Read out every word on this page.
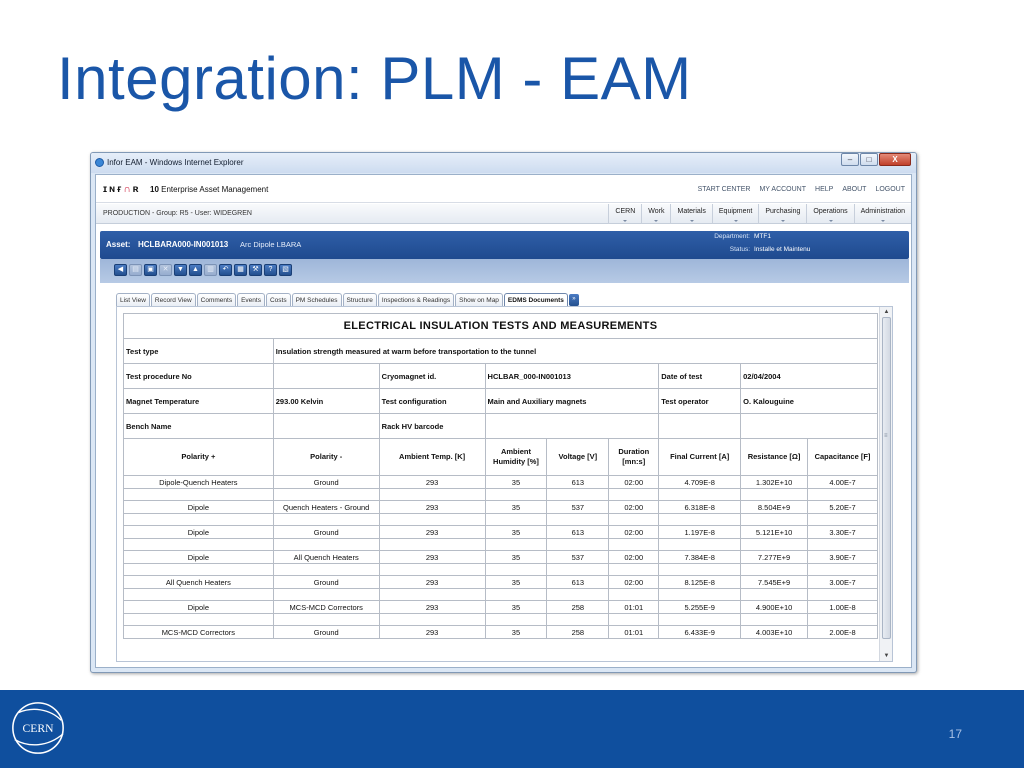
Integration: PLM - EAM
Infor EAM - Windows Internet Explorer	–	□	X
ɪɴғ∩ʀ 10 Enterprise Asset Management	START CENTER MY ACCOUNT HELP ABOUT LOGOUT
PRODUCTION - Group: R5 - User: WIDEGREN	CERN	Work	Materials	Equipment	Purchasing	Operations	Administration
Asset: HCLBARA000-IN001013 Arc Dipole LBARA
Department: MTF1
Status: Installe et Maintenu
◀	▤	▣	✕	▼	▲	▥	↶	▦	⚒	?	▧
List View	Record View	Comments	Events	Costs	PM Schedules	Structure	Inspections & Readings	Show on Map	EDMS Documents	»
ELECTRICAL INSULATION TESTS AND MEASUREMENTS								
Test type	Insulation strength measured at warm before transportation to the tunnel							
Test procedure No		Cryomagnet id.	HCLBAR_000-IN001013			Date of test	02/04/2004	
Magnet Temperature	293.00 Kelvin	Test configuration	Main and Auxiliary magnets			Test operator	O. Kalouguine	
Bench Name		Rack HV barcode						
Polarity +	Polarity -	Ambient Temp. [K]	Ambient Humidity [%]	Voltage [V]	Duration [mn:s]	Final Current [A]	Resistance [Ω]	Capacitance [F]
Dipole-Quench Heaters	Ground	293	35	613	02:00	4.709E-8	1.302E+10	4.00E-7

Dipole	Quench Heaters - Ground	293	35	537	02:00	6.318E-8	8.504E+9	5.20E-7

Dipole	Ground	293	35	613	02:00	1.197E-8	5.121E+10	3.30E-7

Dipole	All Quench Heaters	293	35	537	02:00	7.384E-8	7.277E+9	3.90E-7

All Quench Heaters	Ground	293	35	613	02:00	8.125E-8	7.545E+9	3.00E-7

Dipole	MCS-MCD Correctors	293	35	258	01:01	5.255E-9	4.900E+10	1.00E-8

MCS-MCD Correctors	Ground	293	35	258	01:01	6.433E-9	4.003E+10	2.00E-8
▲
≡
▼
CERN	17
